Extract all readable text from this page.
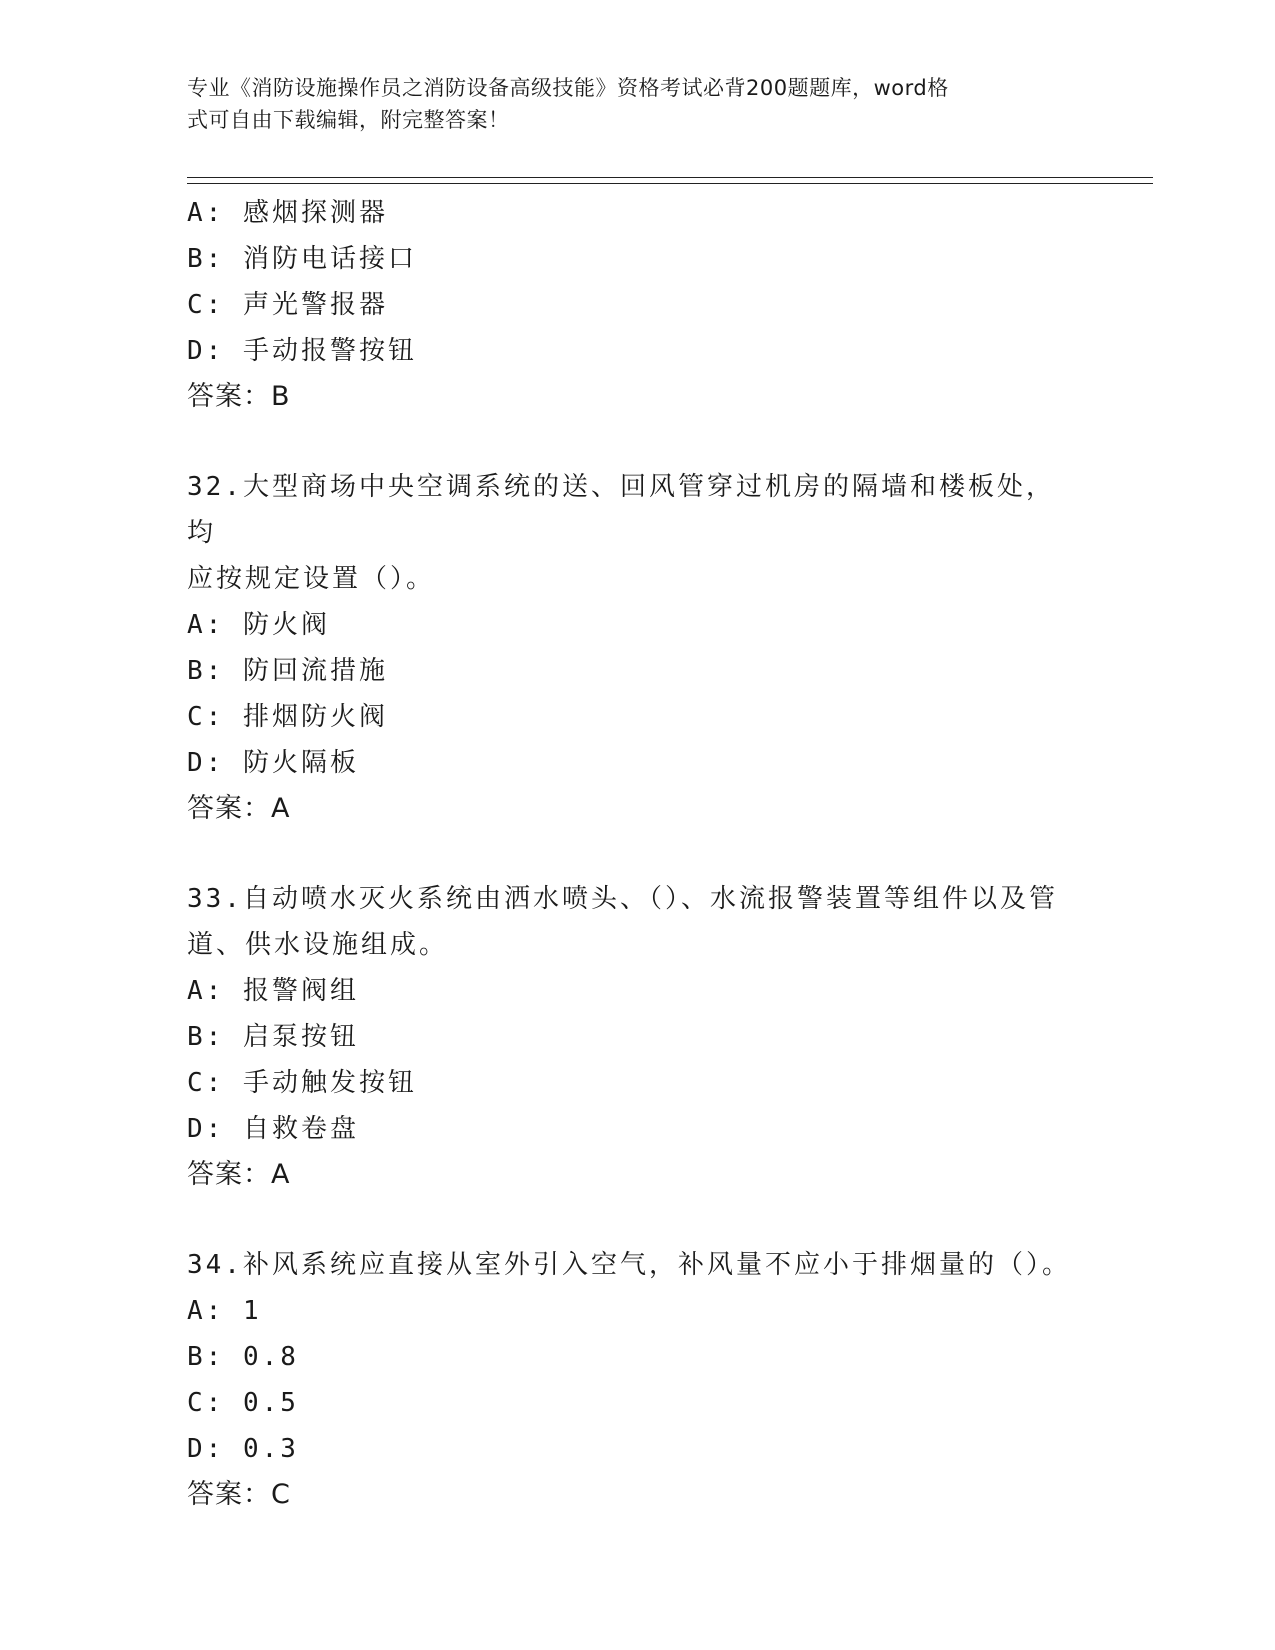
专业《消防设施操作员之消防设备高级技能》资格考试必背200题题库，word格
式可自由下载编辑，附完整答案！
A: 感烟探测器
B: 消防电话接口
C: 声光警报器
D: 手动报警按钮
答案：B
32.大型商场中央空调系统的送、回风管穿过机房的隔墙和楼板处，均
应按规定设置（）。
A: 防火阀
B: 防回流措施
C: 排烟防火阀
D: 防火隔板
答案：A
33.自动喷水灭火系统由洒水喷头、（）、水流报警装置等组件以及管
道、供水设施组成。
A: 报警阀组
B: 启泵按钮
C: 手动触发按钮
D: 自救卷盘
答案：A
34.补风系统应直接从室外引入空气，补风量不应小于排烟量的（）。
A: 1
B: 0.8
C: 0.5
D: 0.3
答案：C
